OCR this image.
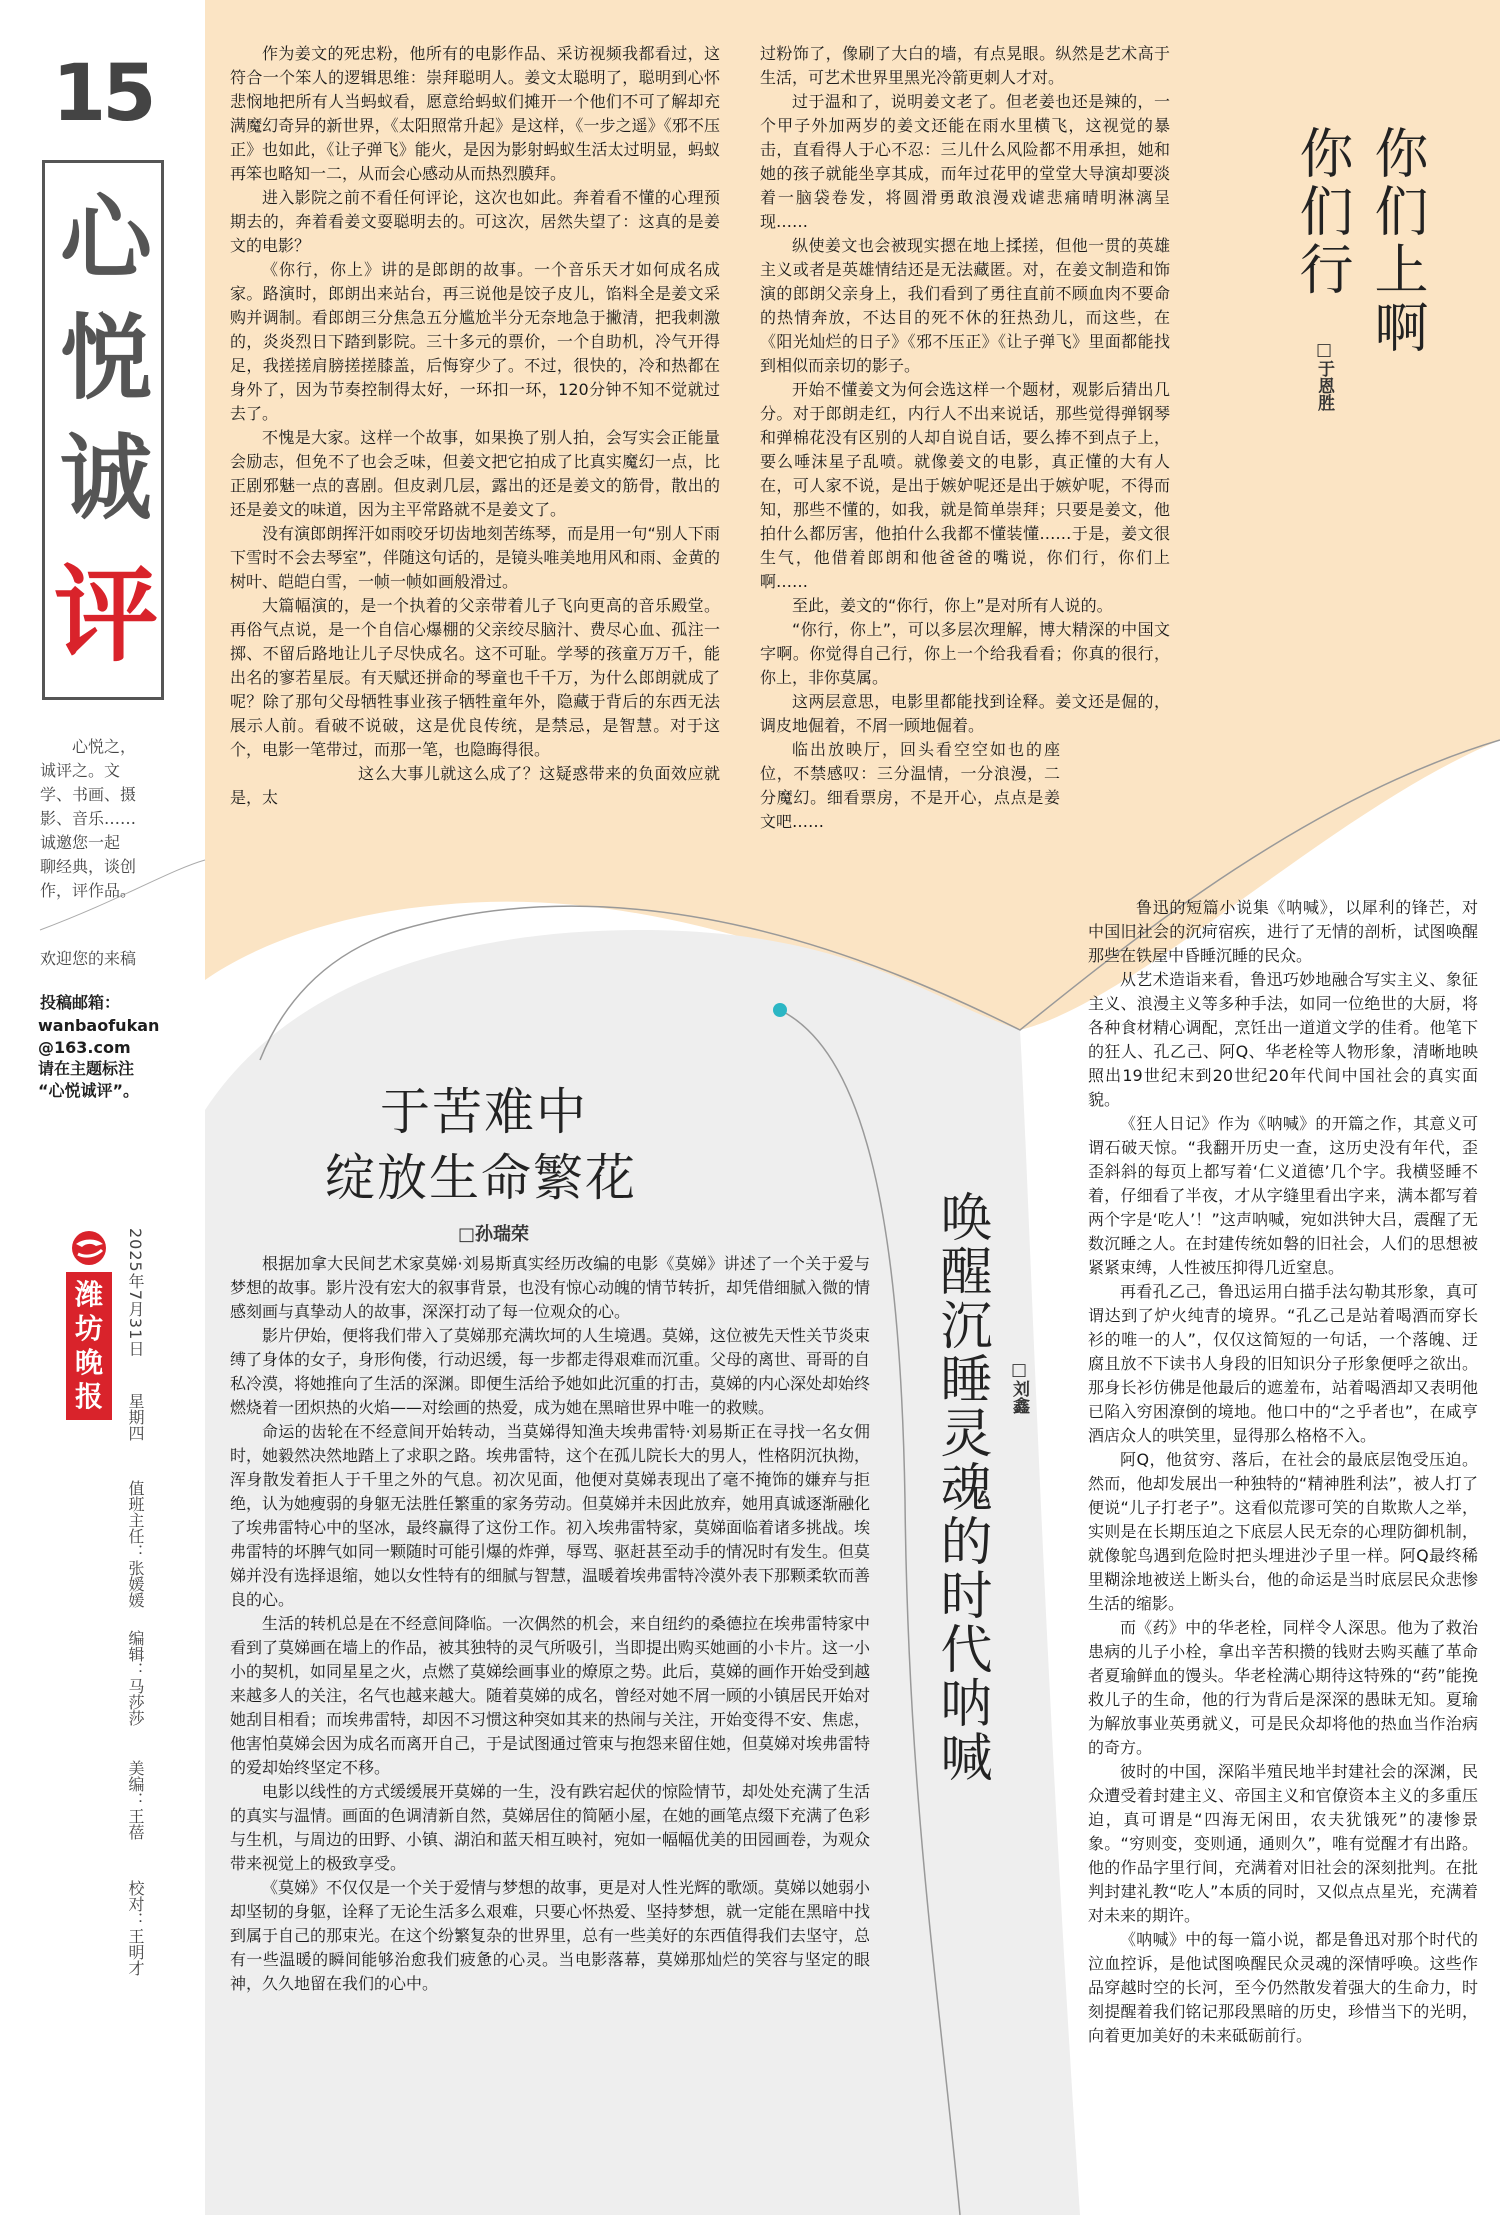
15
心
悦
诚
评
心悦之，
诚评之。文
学、书画、摄
影、音乐……
诚邀您一起
聊经典，谈创
作，评作品。
欢迎您的来稿
投稿邮箱：
wanbaofukan
@163.com
请在主题标注
“心悦诚评”。
潍
坊
晚
报
2025年7月31日
星期四
值班主任：张媛媛
编辑：马莎莎
美编：王蓓
校对：王明才

作为姜文的死忠粉，他所有的电影作品、采访视频我都看过，这符合一个笨人的逻辑思维：崇拜聪明人。姜文太聪明了，聪明到心怀悲悯地把所有人当蚂蚁看，愿意给蚂蚁们摊开一个他们不可了解却充满魔幻奇异的新世界，《太阳照常升起》是这样，《一步之遥》《邪不压正》也如此，《让子弹飞》能火，是因为影射蚂蚁生活太过明显，蚂蚁再笨也略知一二，从而会心感动从而热烈膜拜。

进入影院之前不看任何评论，这次也如此。奔着看不懂的心理预期去的，奔着看姜文耍聪明去的。可这次，居然失望了：这真的是姜文的电影？

《你行，你上》讲的是郎朗的故事。一个音乐天才如何成名成家。路演时，郎朗出来站台，再三说他是饺子皮儿，馅料全是姜文采购并调制。看郎朗三分焦急五分尴尬半分无奈地急于撇清，把我刺激的，炎炎烈日下踏到影院。三十多元的票价，一个自助机，冷气开得足，我搓搓肩膀搓搓膝盖，后悔穿少了。不过，很快的，冷和热都在身外了，因为节奏控制得太好，一环扣一环，120分钟不知不觉就过去了。

不愧是大家。这样一个故事，如果换了别人拍，会写实会正能量会励志，但免不了也会乏味，但姜文把它拍成了比真实魔幻一点，比正剧邪魅一点的喜剧。但皮剥几层，露出的还是姜文的筋骨，散出的还是姜文的味道，因为主平常路就不是姜文了。

没有演郎朗挥汗如雨咬牙切齿地刻苦练琴，而是用一句“别人下雨下雪时不会去琴室”，伴随这句话的，是镜头唯美地用风和雨、金黄的树叶、皑皑白雪，一帧一帧如画般滑过。

大篇幅演的，是一个执着的父亲带着儿子飞向更高的音乐殿堂。再俗气点说，是一个自信心爆棚的父亲绞尽脑汁、费尽心血、孤注一掷、不留后路地让儿子尽快成名。这不可耻。学琴的孩童万万千，能出名的寥若星辰。有天赋还拼命的琴童也千千万，为什么郎朗就成了呢？除了那句父母牺牲事业孩子牺牲童年外，隐藏于背后的东西无法展示人前。看破不说破，这是优良传统，是禁忌，是智慧。对于这个，电影一笔带过，而那一笔，也隐晦得很。

这么大事儿就这么成了？这疑惑带来的负面效应就是，太

过粉饰了，像刷了大白的墙，有点晃眼。纵然是艺术高于生活，可艺术世界里黑光冷箭更刺人才对。

过于温和了，说明姜文老了。但老姜也还是辣的，一个甲子外加两岁的姜文还能在雨水里横飞，这视觉的暴击，直看得人于心不忍：三儿什么风险都不用承担，她和她的孩子就能坐享其成，而年过花甲的堂堂大导演却要淡着一脑袋卷发，将圆滑勇敢浪漫戏谑悲痛晴明淋漓呈现……

纵使姜文也会被现实摁在地上揉搓，但他一贯的英雄主义或者是英雄情结还是无法藏匿。对，在姜文制造和饰演的郎朗父亲身上，我们看到了勇往直前不顾血肉不要命的热情奔放，不达目的死不休的狂热劲儿，而这些，在《阳光灿烂的日子》《邪不压正》《让子弹飞》里面都能找到相似而亲切的影子。

开始不懂姜文为何会选这样一个题材，观影后猜出几分。对于郎朗走红，内行人不出来说话，那些觉得弹钢琴和弹棉花没有区别的人却自说自话，要么捧不到点子上，要么唾沫星子乱喷。就像姜文的电影，真正懂的大有人在，可人家不说，是出于嫉妒呢还是出于嫉妒呢，不得而知，那些不懂的，如我，就是简单崇拜；只要是姜文，他拍什么都厉害，他拍什么我都不懂装懂……于是，姜文很生气，他借着郎朗和他爸爸的嘴说，你们行，你们上啊……

至此，姜文的“你行，你上”是对所有人说的。

“你行，你上”，可以多层次理解，博大精深的中国文字啊。你觉得自己行，你上一个给我看看；你真的很行，你上，非你莫属。

这两层意思，电影里都能找到诠释。姜文还是倔的，调皮地倔着，不屑一顾地倔着。

临出放映厅，回头看空空如也的座位，不禁感叹：三分温情，一分浪漫，二分魔幻。细看票房，不是开心，点点是姜文吧……

你们上啊
你们行
□于恩胜
于苦难中
绽放生命繁花
□孙瑞荣

根据加拿大民间艺术家莫娣·刘易斯真实经历改编的电影《莫娣》讲述了一个关于爱与梦想的故事。影片没有宏大的叙事背景，也没有惊心动魄的情节转折，却凭借细腻入微的情感刻画与真挚动人的故事，深深打动了每一位观众的心。

影片伊始，便将我们带入了莫娣那充满坎坷的人生境遇。莫娣，这位被先天性关节炎束缚了身体的女子，身形佝偻，行动迟缓，每一步都走得艰难而沉重。父母的离世、哥哥的自私冷漠，将她推向了生活的深渊。即便生活给予她如此沉重的打击，莫娣的内心深处却始终燃烧着一团炽热的火焰——对绘画的热爱，成为她在黑暗世界中唯一的救赎。

命运的齿轮在不经意间开始转动，当莫娣得知渔夫埃弗雷特·刘易斯正在寻找一名女佣时，她毅然决然地踏上了求职之路。埃弗雷特，这个在孤儿院长大的男人，性格阴沉执拗，浑身散发着拒人于千里之外的气息。初次见面，他便对莫娣表现出了毫不掩饰的嫌弃与拒绝，认为她瘦弱的身躯无法胜任繁重的家务劳动。但莫娣并未因此放弃，她用真诚逐渐融化了埃弗雷特心中的坚冰，最终赢得了这份工作。初入埃弗雷特家，莫娣面临着诸多挑战。埃弗雷特的坏脾气如同一颗随时可能引爆的炸弹，辱骂、驱赶甚至动手的情况时有发生。但莫娣并没有选择退缩，她以女性特有的细腻与智慧，温暖着埃弗雷特冷漠外表下那颗柔软而善良的心。

生活的转机总是在不经意间降临。一次偶然的机会，来自纽约的桑德拉在埃弗雷特家中看到了莫娣画在墙上的作品，被其独特的灵气所吸引，当即提出购买她画的小卡片。这一小小的契机，如同星星之火，点燃了莫娣绘画事业的燎原之势。此后，莫娣的画作开始受到越来越多人的关注，名气也越来越大。随着莫娣的成名，曾经对她不屑一顾的小镇居民开始对她刮目相看；而埃弗雷特，却因不习惯这种突如其来的热闹与关注，开始变得不安、焦虑，他害怕莫娣会因为成名而离开自己，于是试图通过管束与抱怨来留住她，但莫娣对埃弗雷特的爱却始终坚定不移。

电影以线性的方式缓缓展开莫娣的一生，没有跌宕起伏的惊险情节，却处处充满了生活的真实与温情。画面的色调清新自然，莫娣居住的简陋小屋，在她的画笔点缀下充满了色彩与生机，与周边的田野、小镇、湖泊和蓝天相互映衬，宛如一幅幅优美的田园画卷，为观众带来视觉上的极致享受。

《莫娣》不仅仅是一个关于爱情与梦想的故事，更是对人性光辉的歌颂。莫娣以她弱小却坚韧的身躯，诠释了无论生活多么艰难，只要心怀热爱、坚持梦想，就一定能在黑暗中找到属于自己的那束光。在这个纷繁复杂的世界里，总有一些美好的东西值得我们去坚守，总有一些温暖的瞬间能够治愈我们疲惫的心灵。当电影落幕，莫娣那灿烂的笑容与坚定的眼神，久久地留在我们的心中。

唤醒沉睡灵魂的时代呐喊 □刘鑫

鲁迅的短篇小说集《呐喊》，以犀利的锋芒，对中国旧社会的沉疴宿疾，进行了无情的剖析，试图唤醒那些在铁屋中昏睡沉睡的民众。

从艺术造诣来看，鲁迅巧妙地融合写实主义、象征主义、浪漫主义等多种手法，如同一位绝世的大厨，将各种食材精心调配，烹饪出一道道文学的佳肴。他笔下的狂人、孔乙己、阿Q、华老栓等人物形象，清晰地映照出19世纪末到20世纪20年代间中国社会的真实面貌。

《狂人日记》作为《呐喊》的开篇之作，其意义可谓石破天惊。“我翻开历史一查，这历史没有年代，歪歪斜斜的每页上都写着‘仁义道德’几个字。我横竖睡不着，仔细看了半夜，才从字缝里看出字来，满本都写着两个字是‘吃人’！”这声呐喊，宛如洪钟大吕，震醒了无数沉睡之人。在封建传统如磐的旧社会，人们的思想被紧紧束缚，人性被压抑得几近窒息。

再看孔乙己，鲁迅运用白描手法勾勒其形象，真可谓达到了炉火纯青的境界。“孔乙己是站着喝酒而穿长衫的唯一的人”，仅仅这简短的一句话，一个落魄、迂腐且放不下读书人身段的旧知识分子形象便呼之欲出。那身长衫仿佛是他最后的遮羞布，站着喝酒却又表明他已陷入穷困潦倒的境地。他口中的“之乎者也”，在咸亨酒店众人的哄笑里，显得那么格格不入。

阿Q，他贫穷、落后，在社会的最底层饱受压迫。然而，他却发展出一种独特的“精神胜利法”，被人打了便说“儿子打老子”。这看似荒谬可笑的自欺欺人之举，实则是在长期压迫之下底层人民无奈的心理防御机制，就像鸵鸟遇到危险时把头埋进沙子里一样。阿Q最终稀里糊涂地被送上断头台，他的命运是当时底层民众悲惨生活的缩影。

而《药》中的华老栓，同样令人深思。他为了救治患病的儿子小栓，拿出辛苦积攒的钱财去购买蘸了革命者夏瑜鲜血的馒头。华老栓满心期待这特殊的“药”能挽救儿子的生命，他的行为背后是深深的愚昧无知。夏瑜为解放事业英勇就义，可是民众却将他的热血当作治病的奇方。

彼时的中国，深陷半殖民地半封建社会的深渊，民众遭受着封建主义、帝国主义和官僚资本主义的多重压迫，真可谓是“四海无闲田，农夫犹饿死”的凄惨景象。“穷则变，变则通，通则久”，唯有觉醒才有出路。他的作品字里行间，充满着对旧社会的深刻批判。在批判封建礼教“吃人”本质的同时，又似点点星光，充满着对未来的期许。

《呐喊》中的每一篇小说，都是鲁迅对那个时代的泣血控诉，是他试图唤醒民众灵魂的深情呼唤。这些作品穿越时空的长河，至今仍然散发着强大的生命力，时刻提醒着我们铭记那段黑暗的历史，珍惜当下的光明，向着更加美好的未来砥砺前行。
